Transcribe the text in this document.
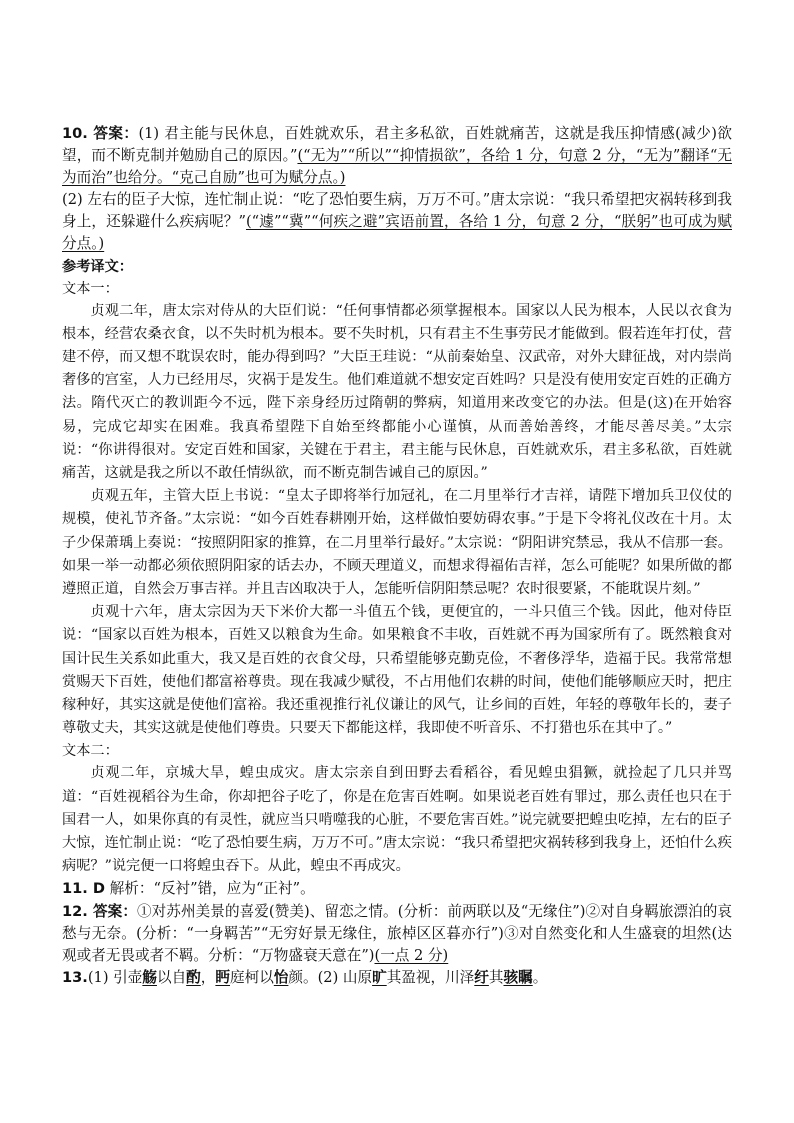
10. 答案：(1) 君主能与民休息，百姓就欢乐，君主多私欲，百姓就痛苦，这就是我压抑情感(减少)欲望，而不断克制并勉励自己的原因。”(“无为”“所以”“抑情损欲”，各给 1 分，句意 2 分，“无为”翻译“无为而治”也给分。“克己自励”也可为赋分点。)

(2) 左右的臣子大惊，连忙制止说：“吃了恐怕要生病，万万不可。”唐太宗说：“我只希望把灾祸转移到我身上，还躲避什么疾病呢？”(“遽”“冀”“何疾之避”宾语前置，各给 1 分，句意 2 分，“朕躬”也可成为赋分点。)

参考译文：

文本一：

贞观二年，唐太宗对侍从的大臣们说：“任何事情都必须掌握根本。国家以人民为根本，人民以衣食为根本，经营农桑衣食，以不失时机为根本。要不失时机，只有君主不生事劳民才能做到。假若连年打仗，营建不停，而又想不耽误农时，能办得到吗？”大臣王珪说：“从前秦始皇、汉武帝，对外大肆征战，对内崇尚奢侈的宫室，人力已经用尽，灾祸于是发生。他们难道就不想安定百姓吗？只是没有使用安定百姓的正确方法。隋代灭亡的教训距今不远，陛下亲身经历过隋朝的弊病，知道用来改变它的办法。但是(这)在开始容易，完成它却实在困难。我真希望陛下自始至终都能小心谨慎，从而善始善终，才能尽善尽美。”太宗说：“你讲得很对。安定百姓和国家，关键在于君主，君主能与民休息，百姓就欢乐，君主多私欲，百姓就痛苦，这就是我之所以不敢任情纵欲，而不断克制告诫自己的原因。”

贞观五年，主管大臣上书说：“皇太子即将举行加冠礼，在二月里举行才吉祥，请陛下增加兵卫仪仗的规模，使礼节齐备。”太宗说：“如今百姓春耕刚开始，这样做怕要妨碍农事。”于是下令将礼仪改在十月。太子少保萧瑀上奏说：“按照阴阳家的推算，在二月里举行最好。”太宗说：“阴阳讲究禁忌，我从不信那一套。如果一举一动都必须依照阴阳家的话去办，不顾天理道义，而想求得福佑吉祥，怎么可能呢？如果所做的都遵照正道，自然会万事吉祥。并且吉凶取决于人，怎能听信阴阳禁忌呢？农时很要紧，不能耽误片刻。”

贞观十六年，唐太宗因为天下米价大都一斗值五个钱，更便宜的，一斗只值三个钱。因此，他对侍臣说：“国家以百姓为根本，百姓又以粮食为生命。如果粮食不丰收，百姓就不再为国家所有了。既然粮食对国计民生关系如此重大，我又是百姓的衣食父母，只希望能够克勤克俭，不奢侈浮华，造福于民。我常常想赏赐天下百姓，使他们都富裕尊贵。现在我减少赋役，不占用他们农耕的时间，使他们能够顺应天时，把庄稼种好，其实这就是使他们富裕。我还重视推行礼仪谦让的风气，让乡间的百姓，年轻的尊敬年长的，妻子尊敬丈夫，其实这就是使他们尊贵。只要天下都能这样，我即使不听音乐、不打猎也乐在其中了。”

文本二：

贞观二年，京城大旱，蝗虫成灾。唐太宗亲自到田野去看稻谷，看见蝗虫猖獗，就捡起了几只并骂道：“百姓视稻谷为生命，你却把谷子吃了，你是在危害百姓啊。如果说老百姓有罪过，那么责任也只在于国君一人，如果你真的有灵性，就应当只啃噬我的心脏，不要危害百姓。”说完就要把蝗虫吃掉，左右的臣子大惊，连忙制止说：“吃了恐怕要生病，万万不可。”唐太宗说：“我只希望把灾祸转移到我身上，还怕什么疾病呢？”说完便一口将蝗虫吞下。从此，蝗虫不再成灾。

11. D 解析：“反衬”错，应为“正衬”。

12. 答案：①对苏州美景的喜爱(赞美)、留恋之情。(分析：前两联以及“无缘住”)②对自身羁旅漂泊的哀愁与无奈。(分析：“一身羁苦”“无穷好景无缘住，旅棹区区暮亦行”)③对自然变化和人生盛衰的坦然(达观或者无畏或者不羁。分析：“万物盛衰天意在”)(一点 2 分)

13.(1) 引壶觞以自酌，眄庭柯以怡颜。(2) 山原旷其盈视，川泽纡其骇瞩。
